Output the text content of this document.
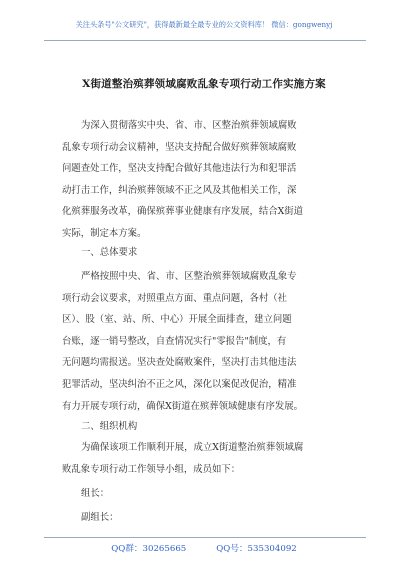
关注头条号"公文研究"，获得最新最全最专业的公文资料库！ 微信：gongwenyj
X街道整治殡葬领域腐败乱象专项行动工作实施方案
为深入贯彻落实中央、省、市、区整治殡葬领域腐败
乱象专项行动会议精神，坚决支持配合做好殡葬领域腐败
问题查处工作，坚决支持配合做好其他违法行为和犯罪活
动打击工作，纠治殡葬领域不正之风及其他相关工作，深
化殡葬服务改革，确保殡葬事业健康有序发展，结合X街道
实际，制定本方案。
一、总体要求
严格按照中央、省、市、区整治殡葬领域腐败乱象专
项行动会议要求，对照重点方面、重点问题，各村（社
区）、股（室、站、所、中心）开展全面排查，建立问题
台账，逐一销号整改，自查情况实行"零报告"制度，有
无问题均需报送。坚决查处腐败案件，坚决打击其他违法
犯罪活动，坚决纠治不正之风，深化以案促改促治，精准
有力开展专项行动，确保X街道在殡葬领域健康有序发展。
二、组织机构
为确保该项工作顺利开展，成立X街道整治殡葬领域腐
败乱象专项行动工作领导小组，成员如下：
组长：
副组长：
QQ群：30265665	QQ号：535304092
